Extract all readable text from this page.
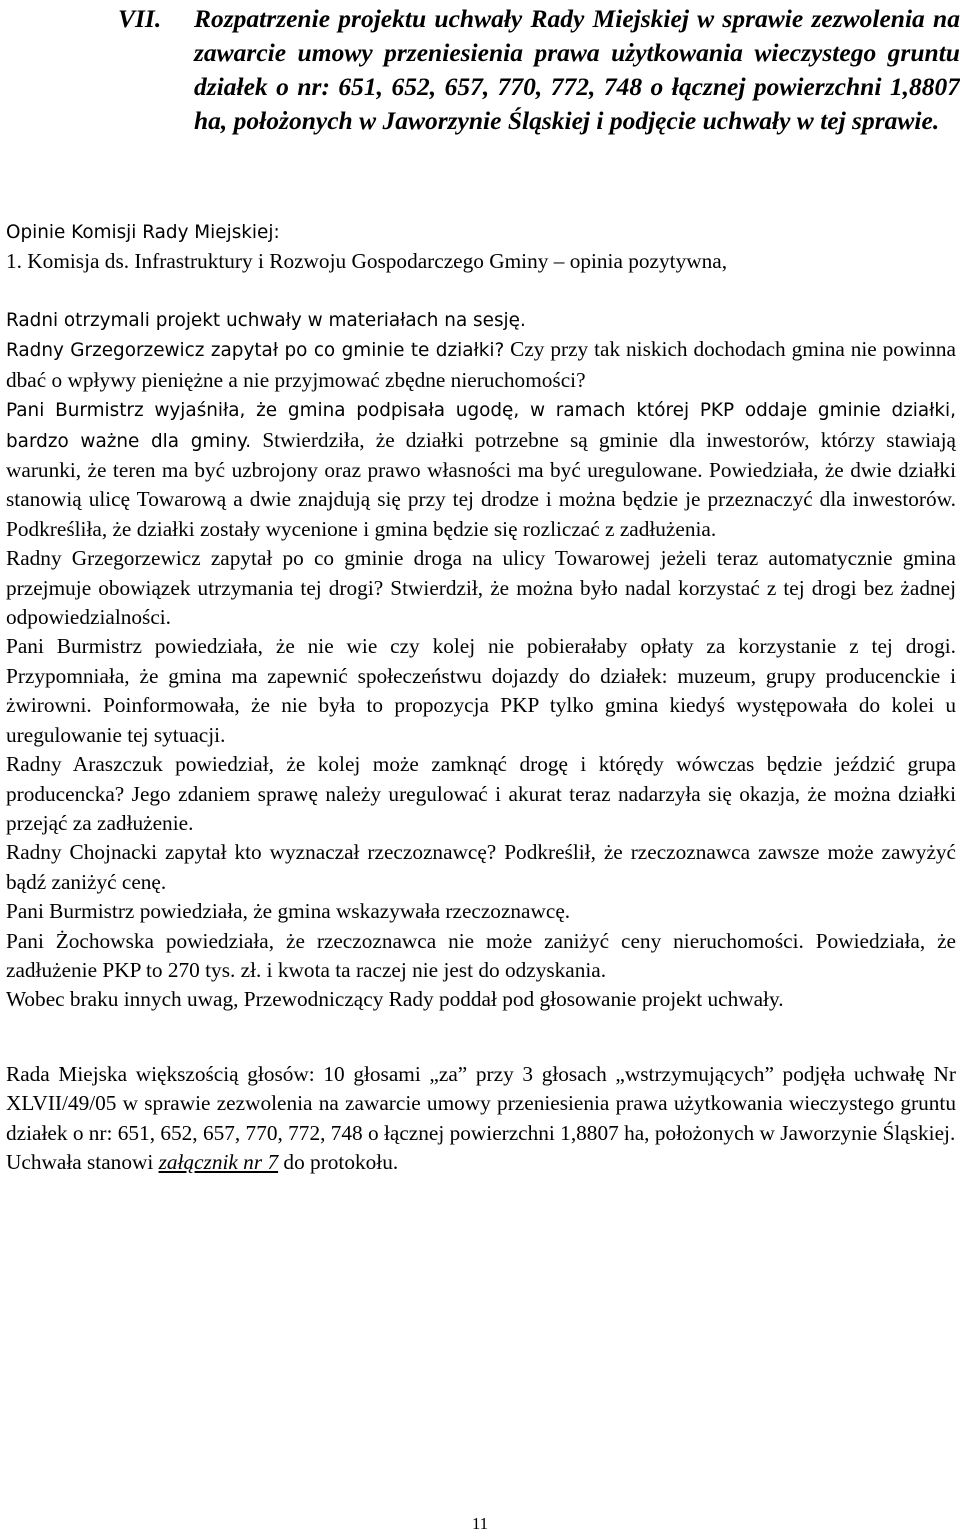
VII.	Rozpatrzenie projektu uchwały Rady Miejskiej w sprawie zezwolenia na zawarcie umowy przeniesienia prawa użytkowania wieczystego gruntu działek o nr: 651, 652, 657, 770, 772, 748 o łącznej powierzchni 1,8807 ha, położonych w Jaworzynie Śląskiej i podjęcie uchwały w tej sprawie.

Opinie Komisji Rady Miejskiej:

1. Komisja ds. Infrastruktury i Rozwoju Gospodarczego Gminy – opinia pozytywna,

Radni otrzymali projekt uchwały w materiałach na sesję.

Radny Grzegorzewicz zapytał po co gminie te działki? Czy przy tak niskich dochodach gmina nie powinna dbać o wpływy pieniężne a nie przyjmować zbędne nieruchomości?

Pani Burmistrz wyjaśniła, że gmina podpisała ugodę, w ramach której PKP oddaje gminie działki, bardzo ważne dla gminy. Stwierdziła, że działki potrzebne są gminie dla inwestorów, którzy stawiają warunki, że teren ma być uzbrojony oraz prawo własności ma być uregulowane. Powiedziała, że dwie działki stanowią ulicę Towarową a dwie znajdują się przy tej drodze i można będzie je przeznaczyć dla inwestorów. Podkreśliła, że działki zostały wycenione i gmina będzie się rozliczać z zadłużenia.

Radny Grzegorzewicz zapytał po co gminie droga na ulicy Towarowej jeżeli teraz automatycznie gmina przejmuje obowiązek utrzymania tej drogi? Stwierdził, że można było nadal korzystać z tej drogi bez żadnej odpowiedzialności.

Pani Burmistrz powiedziała, że nie wie czy kolej nie pobierałaby opłaty za korzystanie z tej drogi. Przypomniała, że gmina ma zapewnić społeczeństwu dojazdy do działek: muzeum, grupy producenckie i żwirowni. Poinformowała, że nie była to propozycja PKP tylko gmina kiedyś występowała do kolei u uregulowanie tej sytuacji.

Radny Araszczuk powiedział, że kolej może zamknąć drogę i którędy wówczas będzie jeździć grupa producencka? Jego zdaniem sprawę należy uregulować i akurat teraz nadarzyła się okazja, że można działki przejąć za zadłużenie.

Radny Chojnacki zapytał kto wyznaczał rzeczoznawcę? Podkreślił, że rzeczoznawca zawsze może zawyżyć bądź zaniżyć cenę.

Pani Burmistrz powiedziała, że gmina wskazywała rzeczoznawcę.

Pani Żochowska powiedziała, że rzeczoznawca nie może zaniżyć ceny nieruchomości. Powiedziała, że zadłużenie PKP to 270 tys. zł. i kwota ta raczej nie jest do odzyskania.

Wobec braku innych uwag, Przewodniczący Rady poddał pod głosowanie projekt uchwały.

Rada Miejska większością głosów: 10 głosami „za” przy 3 głosach „wstrzymujących” podjęła uchwałę Nr XLVII/49/05 w sprawie zezwolenia na zawarcie umowy przeniesienia prawa użytkowania wieczystego gruntu działek o nr: 651, 652, 657, 770, 772, 748 o łącznej powierzchni 1,8807 ha, położonych w Jaworzynie Śląskiej.

Uchwała stanowi załącznik nr 7 do protokołu.

11
